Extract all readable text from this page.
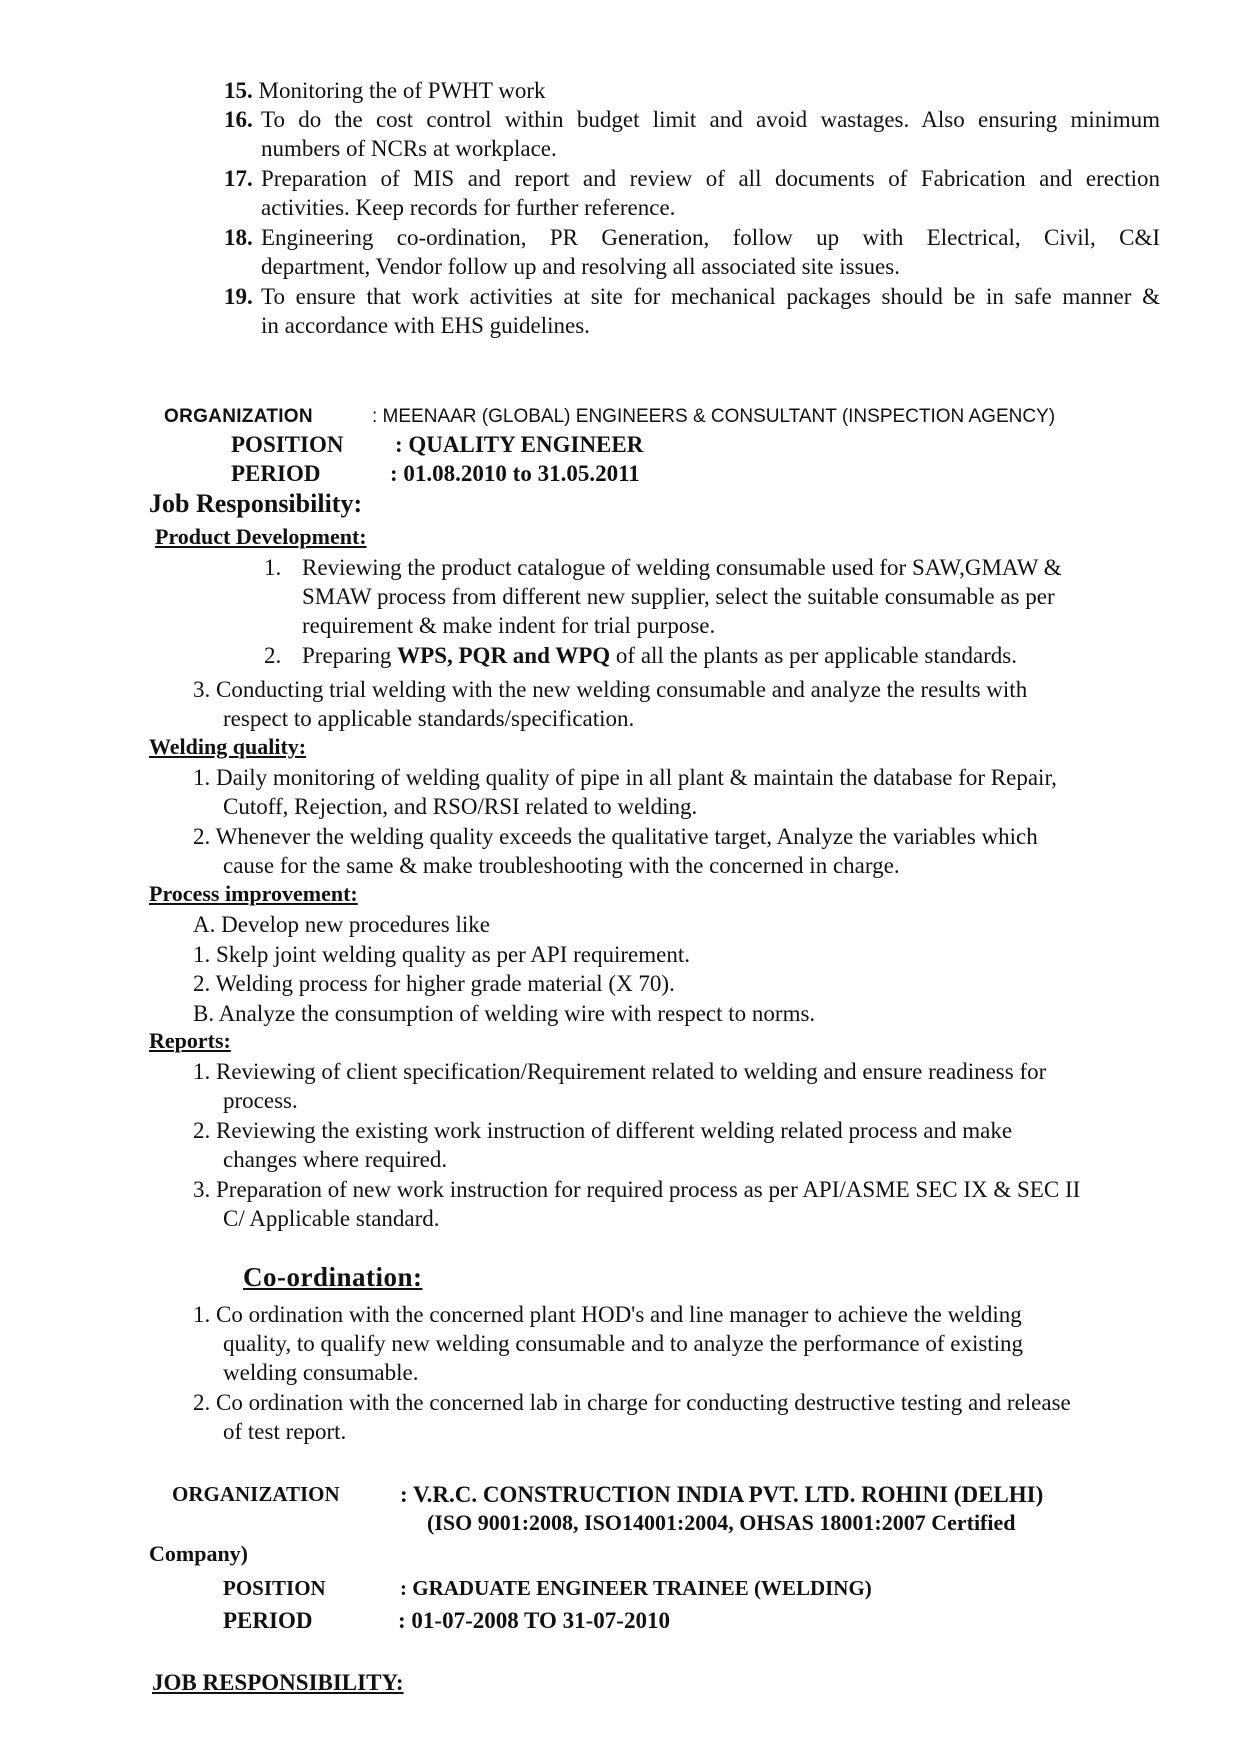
15. Monitoring the of PWHT work
16. To do the cost control within budget limit and avoid wastages. Also ensuring minimum
numbers of NCRs at workplace.
17. Preparation of MIS and report and review of all documents of Fabrication and erection
activities. Keep records for further reference.
18. Engineering co-ordination, PR Generation, follow up with Electrical, Civil, C&I
department, Vendor follow up and resolving all associated site issues.
19. To ensure that work activities at site for mechanical packages should be in safe manner &
in accordance with EHS guidelines.
ORGANIZATION	: MEENAAR (GLOBAL) ENGINEERS & CONSULTANT (INSPECTION AGENCY)
POSITION : QUALITY ENGINEER
PERIOD	: 01.08.2010 to 31.05.2011
Job Responsibility:
Product Development:
1. Reviewing the product catalogue of welding consumable used for SAW,GMAW &
SMAW process from different new supplier, select the suitable consumable as per
requirement & make indent for trial purpose.
2. Preparing WPS, PQR and WPQ of all the plants as per applicable standards.
3. Conducting trial welding with the new welding consumable and analyze the results with
respect to applicable standards/specification.
Welding quality:
1. Daily monitoring of welding quality of pipe in all plant & maintain the database for Repair,
Cutoff, Rejection, and RSO/RSI related to welding.
2. Whenever the welding quality exceeds the qualitative target, Analyze the variables which
cause for the same & make troubleshooting with the concerned in charge.
Process improvement:
A. Develop new procedures like
1. Skelp joint welding quality as per API requirement.
2. Welding process for higher grade material (X 70).
B. Analyze the consumption of welding wire with respect to norms.
Reports:
1. Reviewing of client specification/Requirement related to welding and ensure readiness for
process.
2. Reviewing the existing work instruction of different welding related process and make
changes where required.
3. Preparation of new work instruction for required process as per API/ASME SEC IX & SEC II
C/ Applicable standard.
Co-ordination:
1. Co ordination with the concerned plant HOD's and line manager to achieve the welding
quality, to qualify new welding consumable and to analyze the performance of existing
welding consumable.
2. Co ordination with the concerned lab in charge for conducting destructive testing and release
of test report.
ORGANIZATION	: V.R.C. CONSTRUCTION INDIA PVT. LTD. ROHINI (DELHI)
(ISO 9001:2008, ISO14001:2004, OHSAS 18001:2007 Certified
Company)
POSITION	: GRADUATE ENGINEER TRAINEE (WELDING)
PERIOD	: 01-07-2008 TO 31-07-2010
JOB RESPONSIBILITY:
